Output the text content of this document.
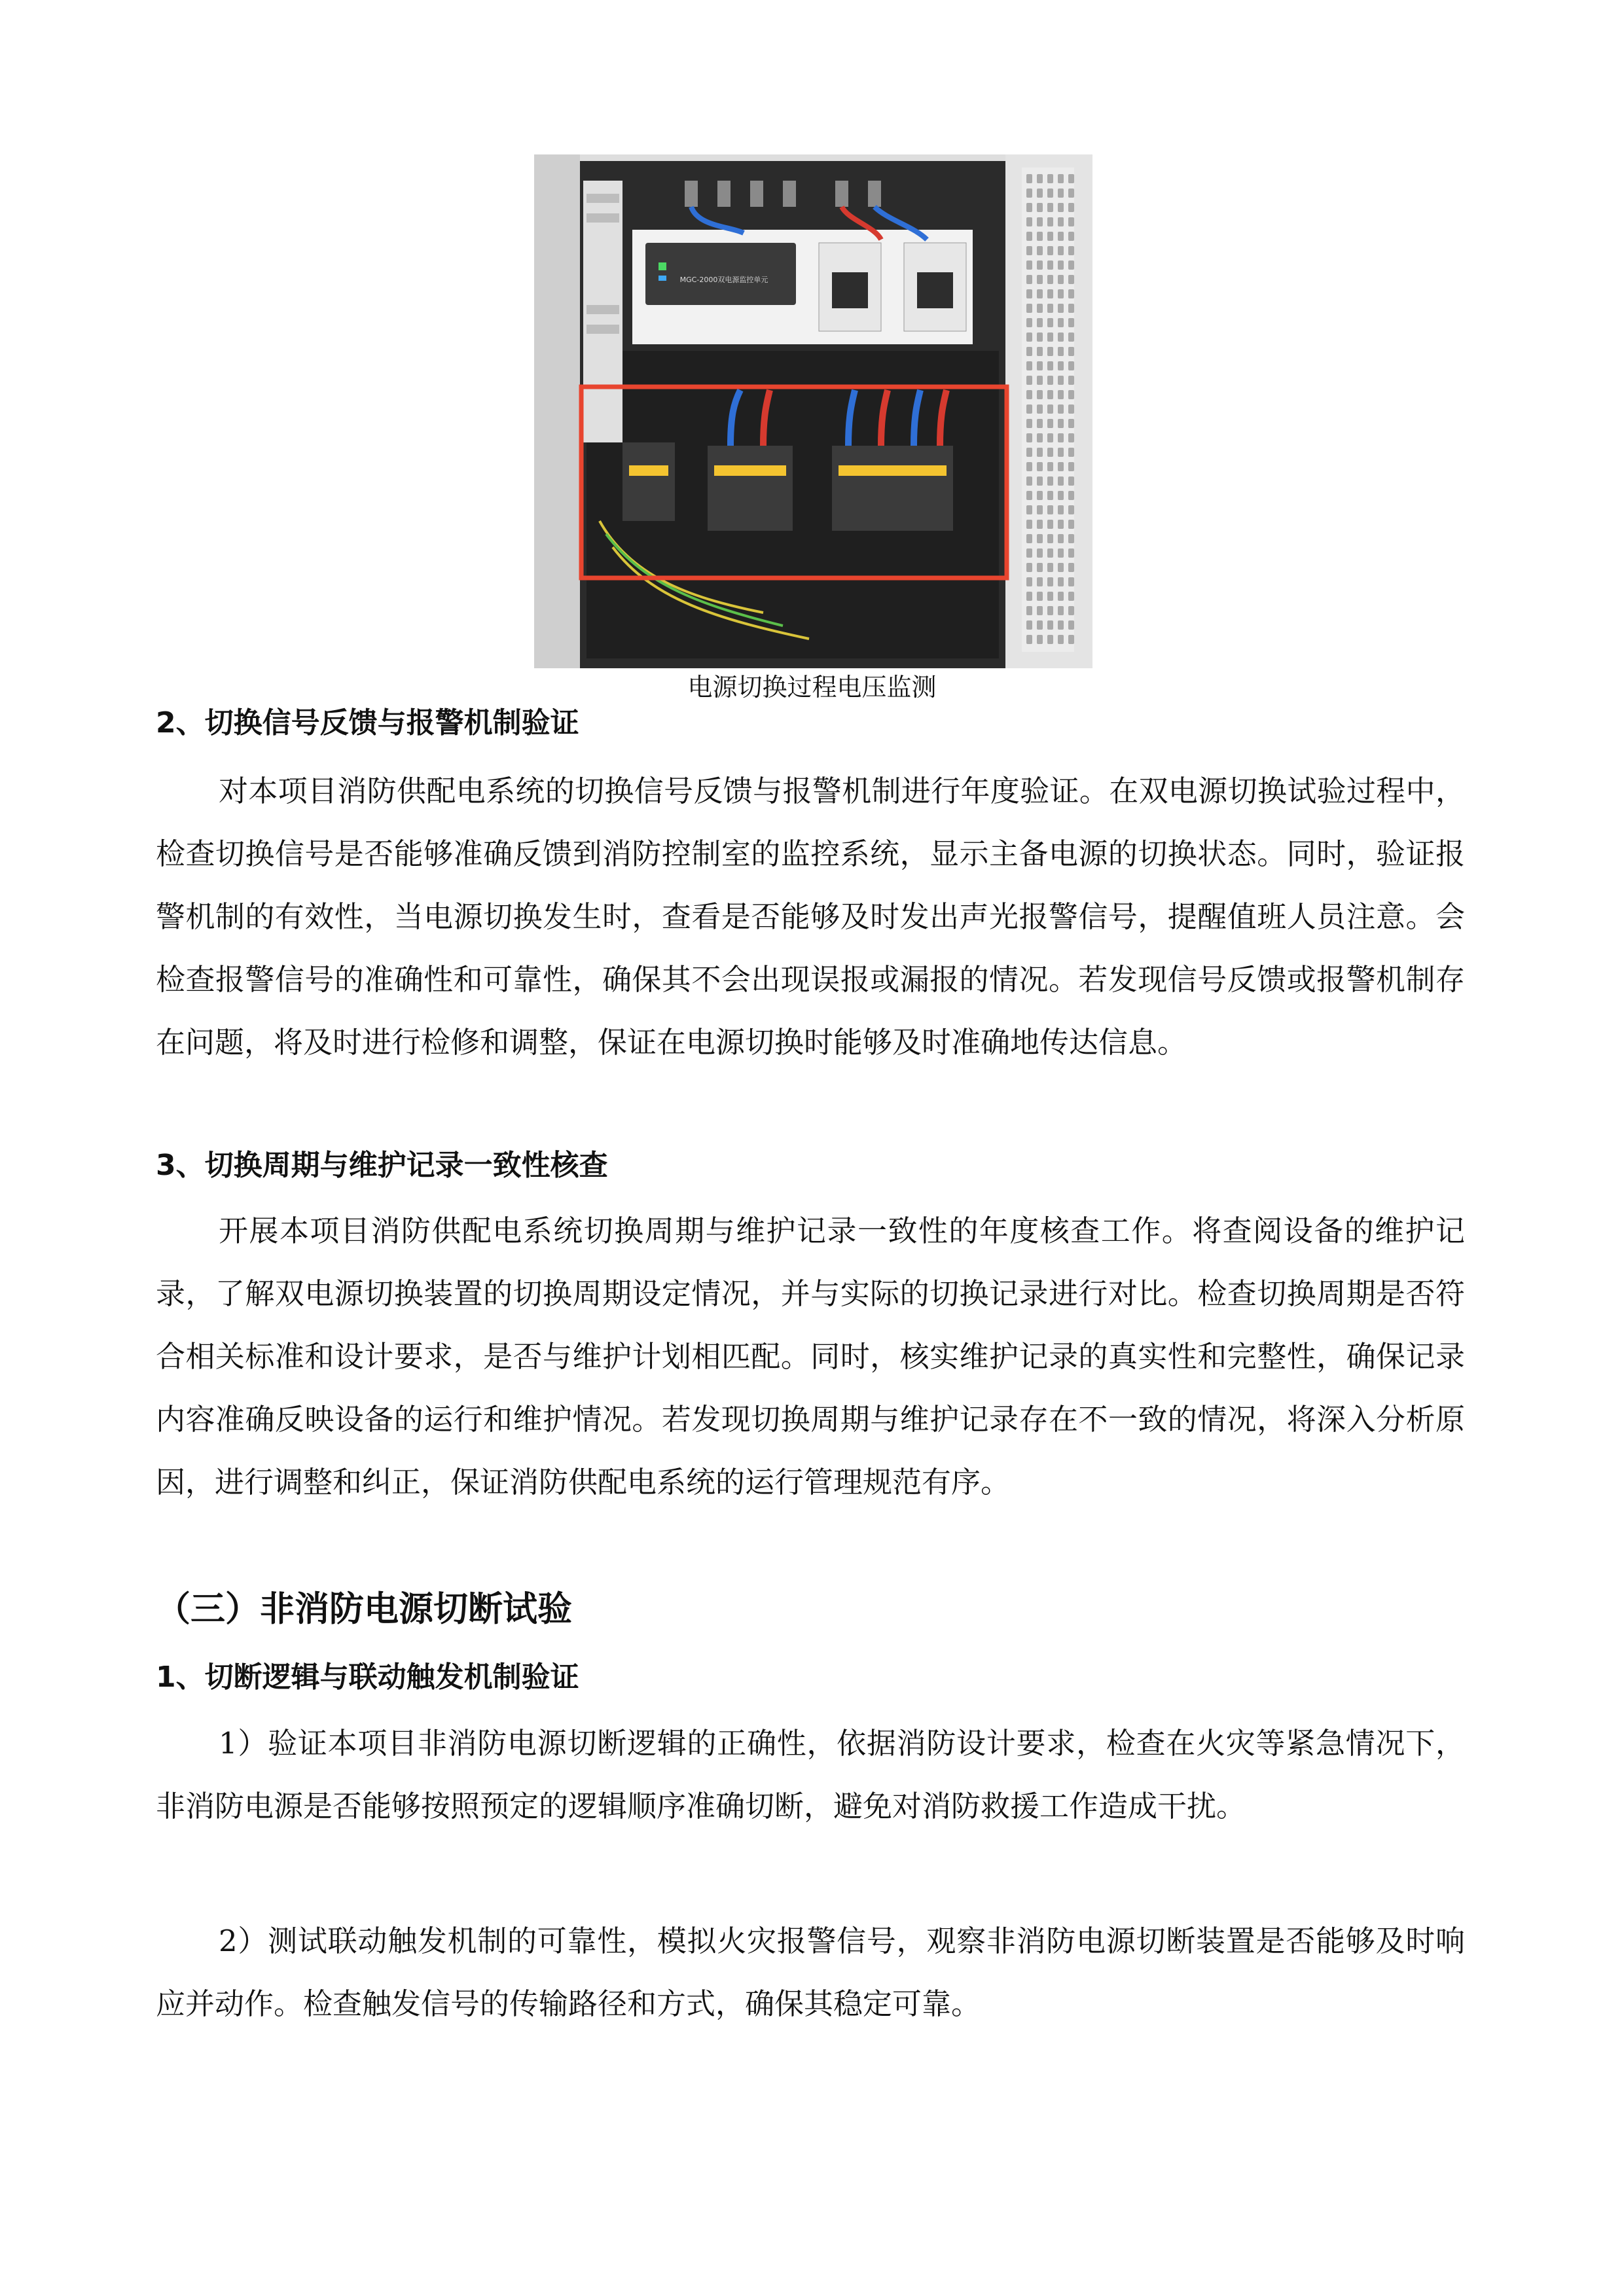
MGC-2000双电源监控单元
电源切换过程电压监测
2、切换信号反馈与报警机制验证
对本项目消防供配电系统的切换信号反馈与报警机制进行年度验证。在双电源切换试验过程中，检查切换信号是否能够准确反馈到消防控制室的监控系统，显示主备电源的切换状态。同时，验证报警机制的有效性，当电源切换发生时，查看是否能够及时发出声光报警信号，提醒值班人员注意。会检查报警信号的准确性和可靠性，确保其不会出现误报或漏报的情况。若发现信号反馈或报警机制存在问题，将及时进行检修和调整，保证在电源切换时能够及时准确地传达信息。
3、切换周期与维护记录一致性核查
开展本项目消防供配电系统切换周期与维护记录一致性的年度核查工作。将查阅设备的维护记录，了解双电源切换装置的切换周期设定情况，并与实际的切换记录进行对比。检查切换周期是否符合相关标准和设计要求，是否与维护计划相匹配。同时，核实维护记录的真实性和完整性，确保记录内容准确反映设备的运行和维护情况。若发现切换周期与维护记录存在不一致的情况，将深入分析原因，进行调整和纠正，保证消防供配电系统的运行管理规范有序。
（三）非消防电源切断试验
1、切断逻辑与联动触发机制验证
1）验证本项目非消防电源切断逻辑的正确性，依据消防设计要求，检查在火灾等紧急情况下，非消防电源是否能够按照预定的逻辑顺序准确切断，避免对消防救援工作造成干扰。
2）测试联动触发机制的可靠性，模拟火灾报警信号，观察非消防电源切断装置是否能够及时响应并动作。检查触发信号的传输路径和方式，确保其稳定可靠。
